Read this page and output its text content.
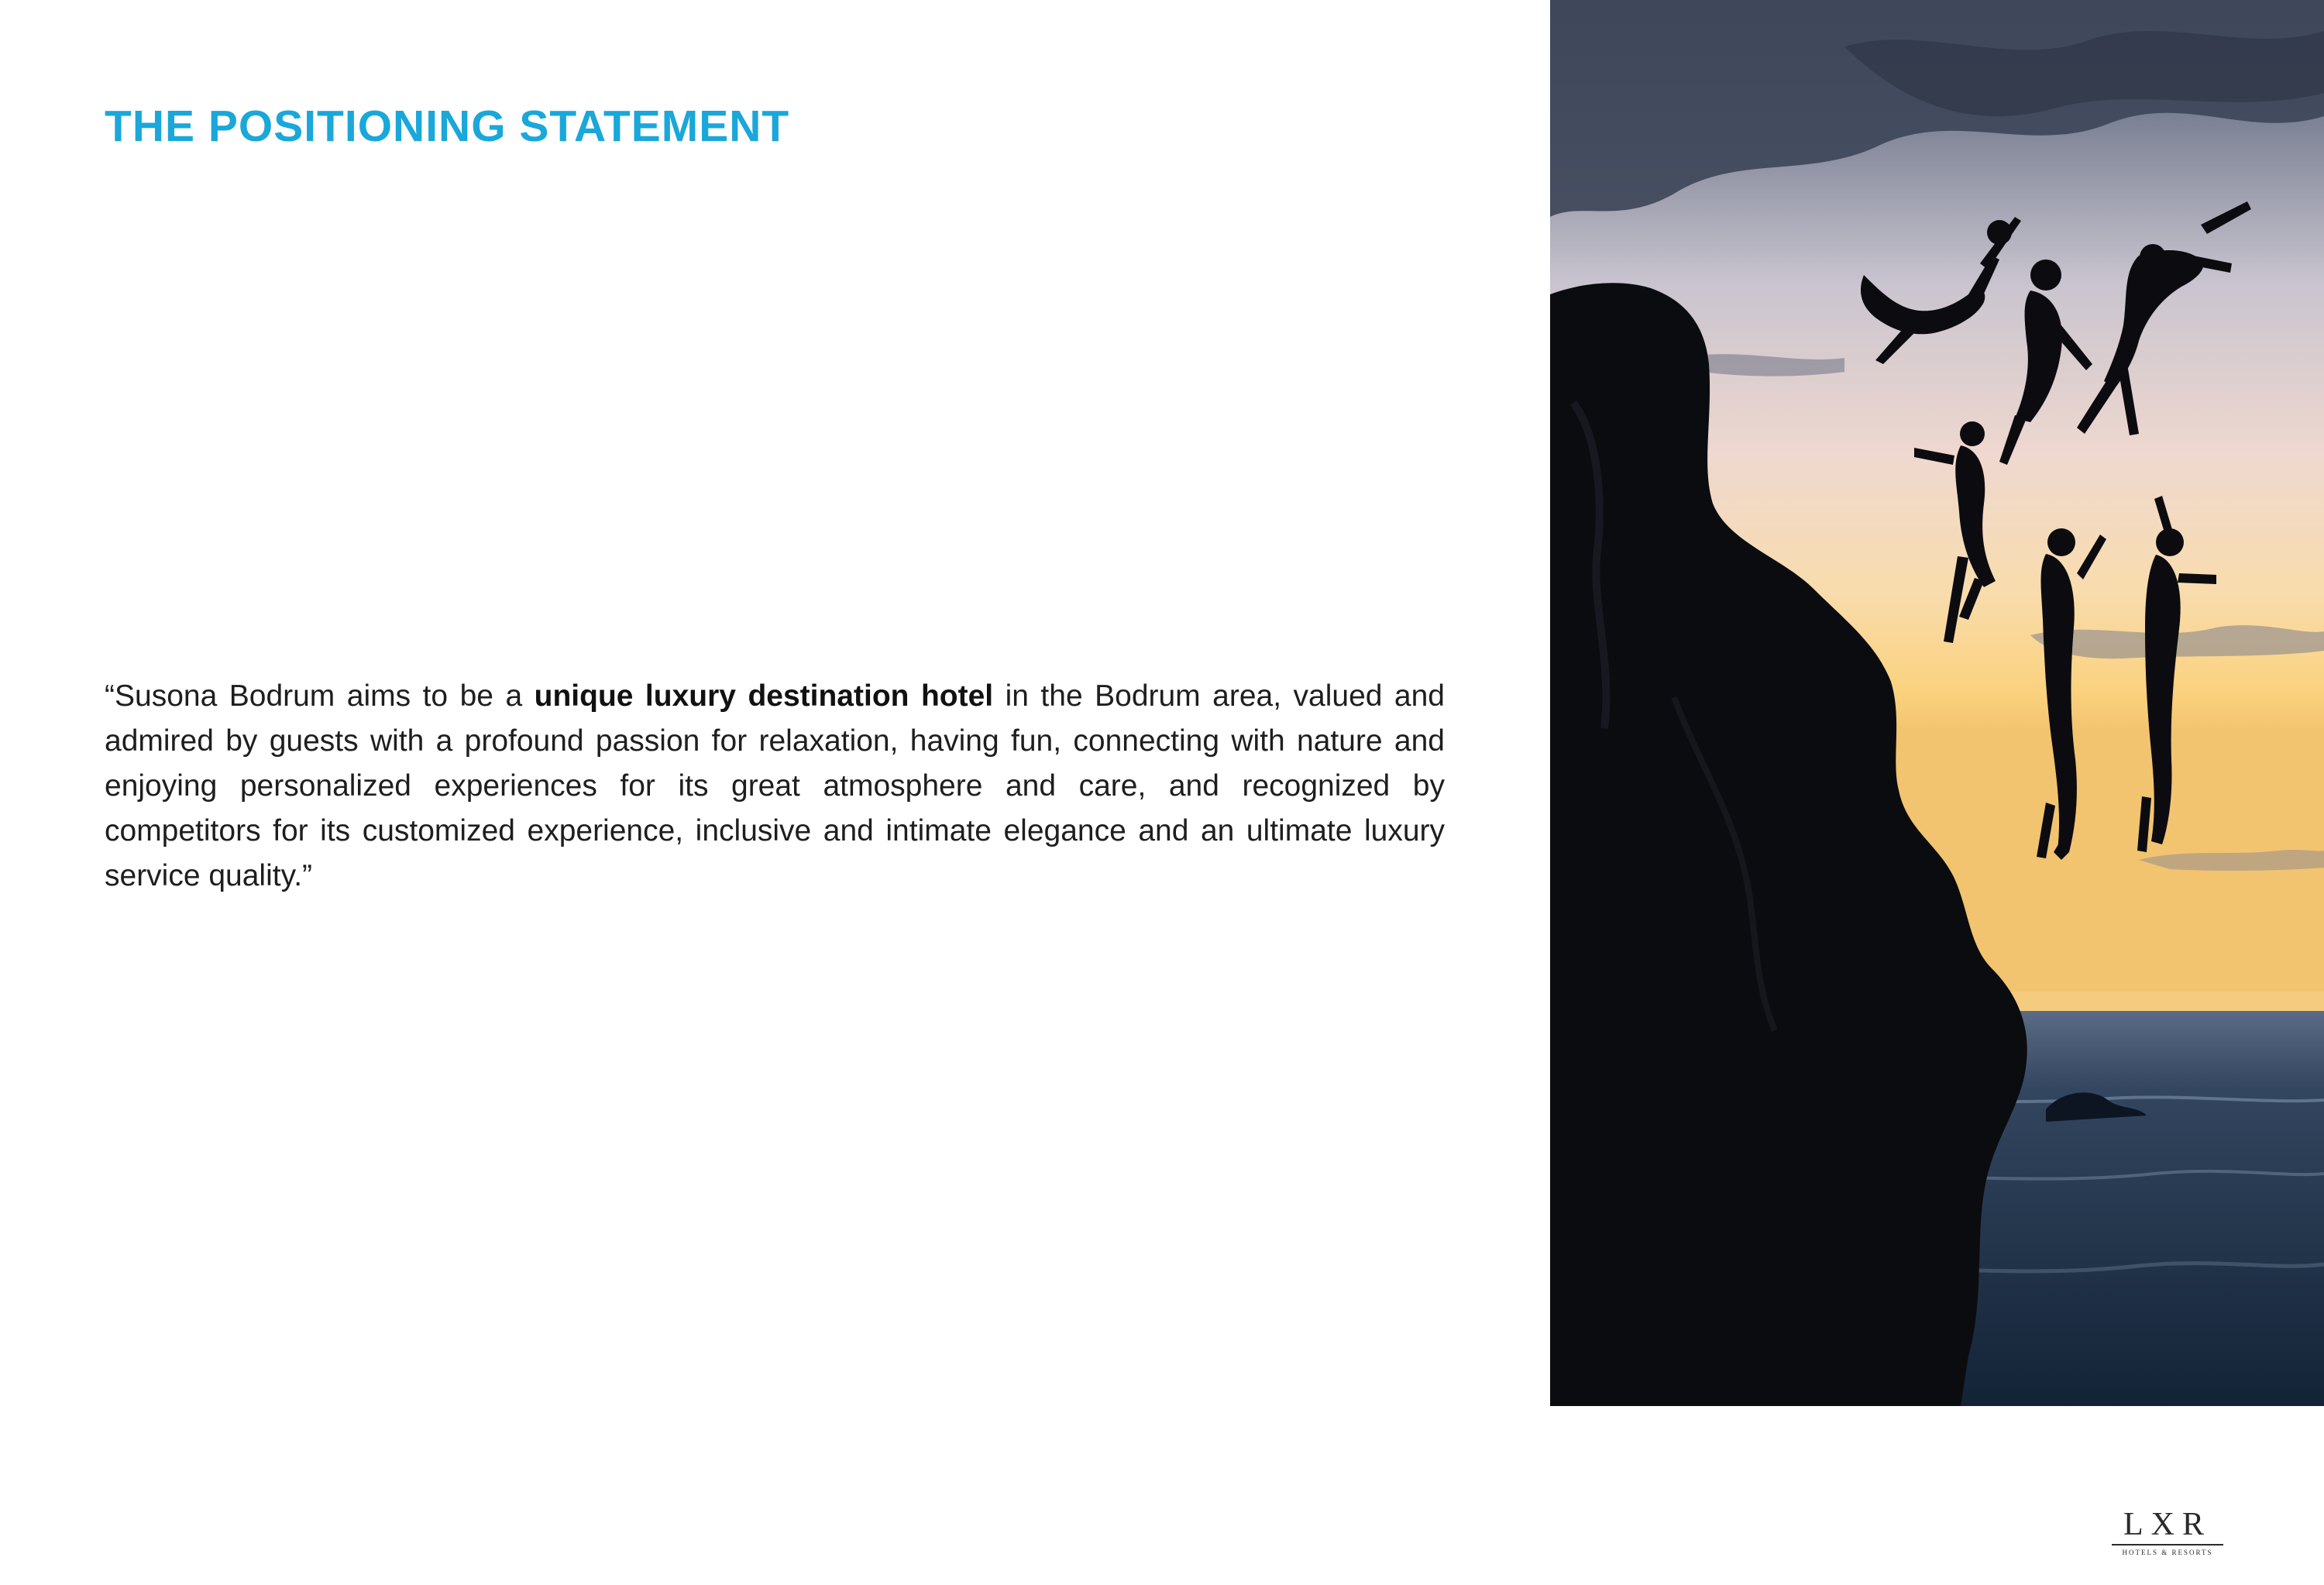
THE POSITIONING STATEMENT

“Susona Bodrum aims to be a unique luxury destination hotel in the Bodrum area, valued and admired by guests with a profound passion for relaxation, having fun, connecting with nature and enjoying personalized experiences for its great atmosphere and care, and recognized by competitors for its customized experience, inclusive and intimate elegance and an ultimate luxury service quality.”

LXR
HOTELS & RESORTS
